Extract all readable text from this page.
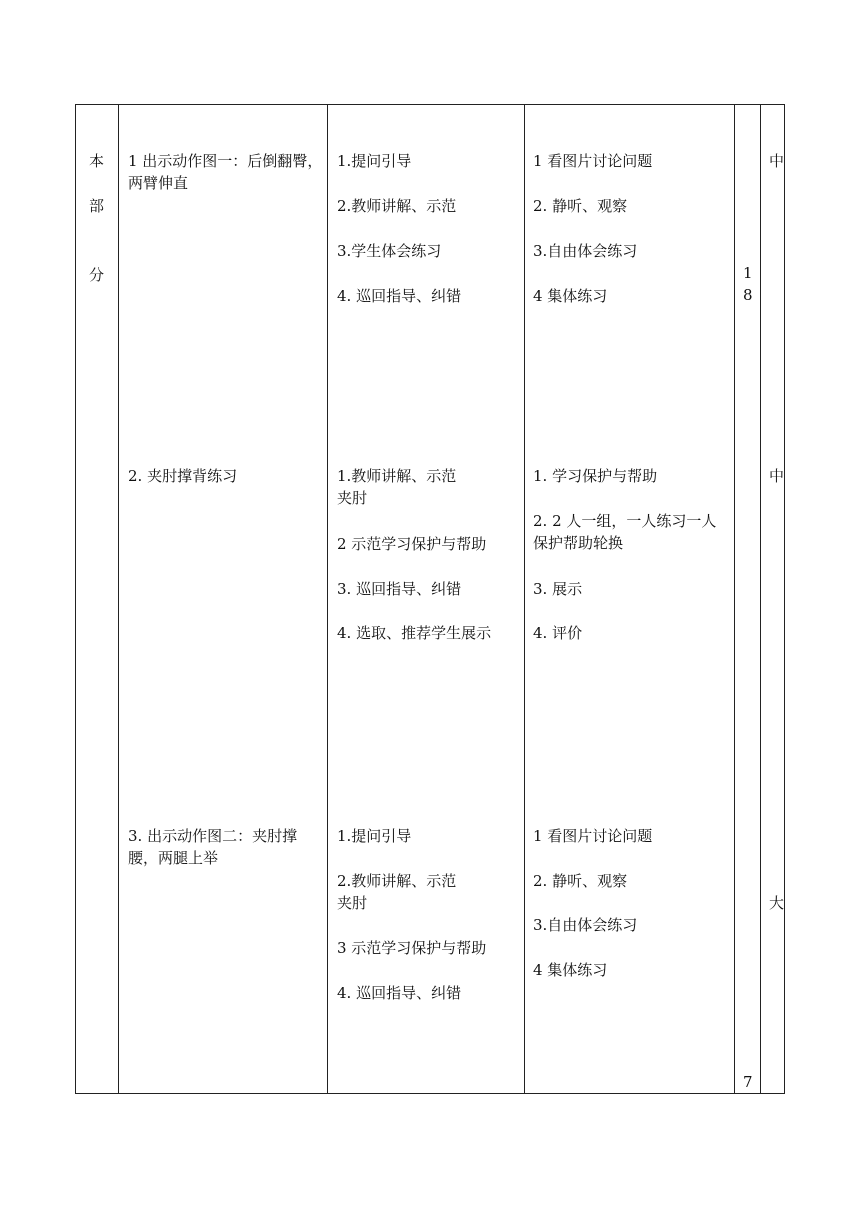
本
部
分
1 出示动作图一：后倒翻臀，两臂伸直
1.提问引导
2.教师讲解、示范
3.学生体会练习
4. 巡回指导、纠错
1 看图片讨论问题
2. 静听、观察
3.自由体会练习
4 集体练习
中
1
8
7
2. 夹肘撑背练习	1.教师讲解、示范
夹肘
2 示范学习保护与帮助
3. 巡回指导、纠错
4. 选取、推荐学生展示
1. 学习保护与帮助
2. 2 人一组，一人练习一人保护帮助轮换
3. 展示
4. 评价
中
3. 出示动作图二：夹肘撑腰，两腿上举
1.提问引导
2.教师讲解、示范
夹肘
3 示范学习保护与帮助
4. 巡回指导、纠错
1 看图片讨论问题
2. 静听、观察
3.自由体会练习
4 集体练习
大
